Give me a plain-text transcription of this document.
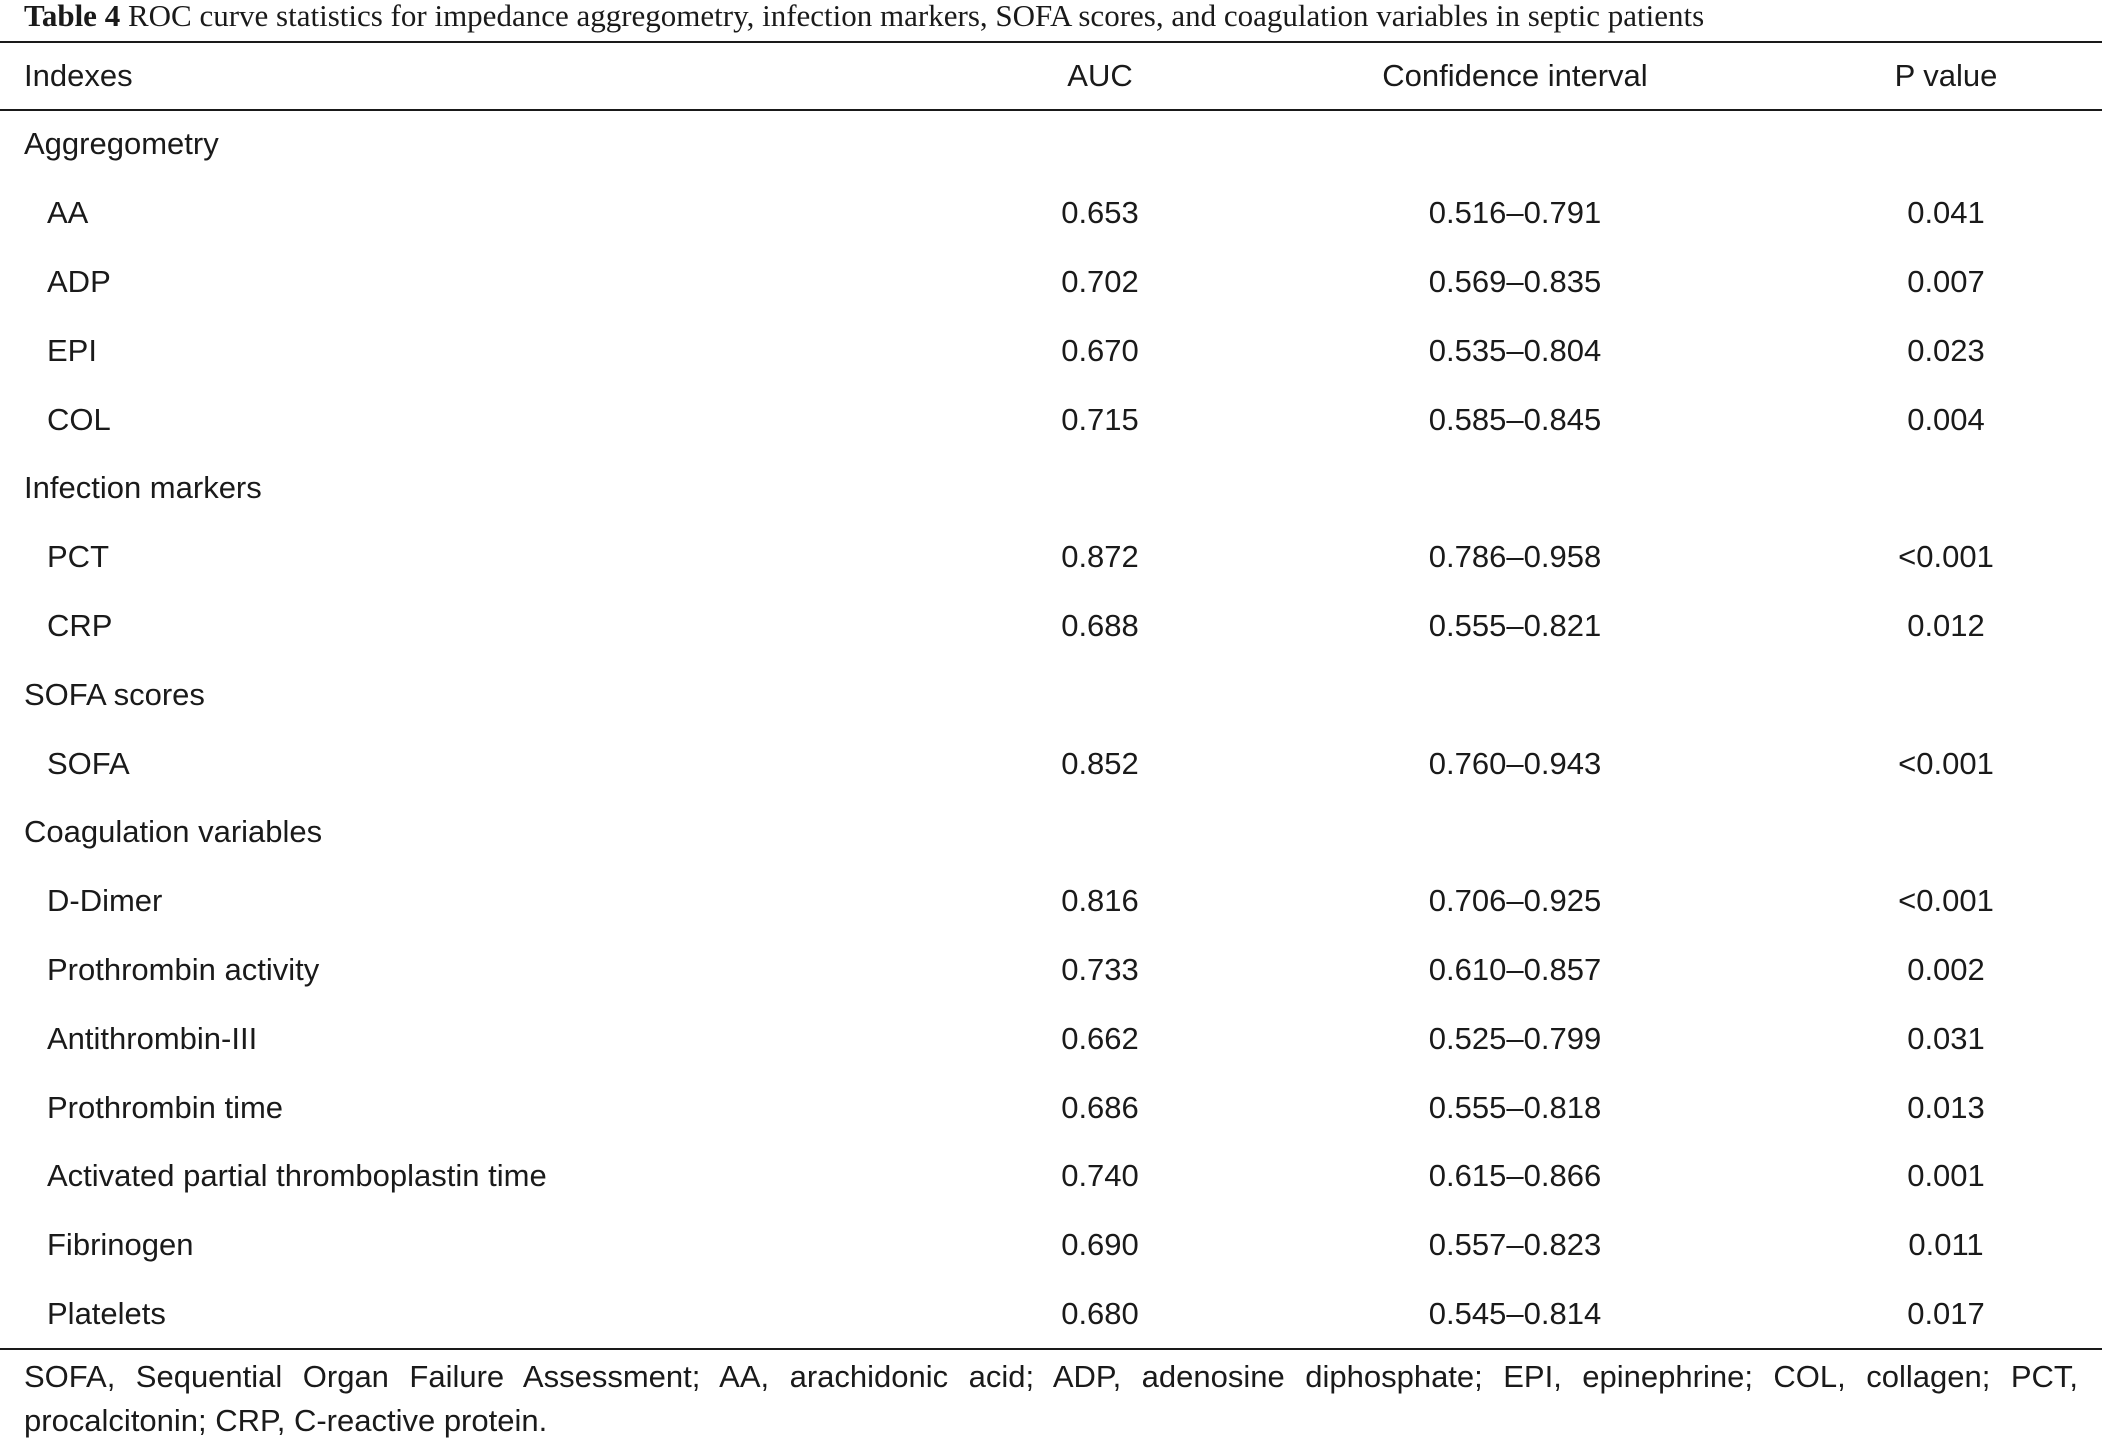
Table 4 ROC curve statistics for impedance aggregometry, infection markers, SOFA scores, and coagulation variables in septic patients
Indexes	AUC	Confidence interval	P value
Aggregometry
AA	0.653	0.516–0.791	0.041
ADP	0.702	0.569–0.835	0.007
EPI	0.670	0.535–0.804	0.023
COL	0.715	0.585–0.845	0.004
Infection markers
PCT	0.872	0.786–0.958	<0.001
CRP	0.688	0.555–0.821	0.012
SOFA scores
SOFA	0.852	0.760–0.943	<0.001
Coagulation variables
D-Dimer	0.816	0.706–0.925	<0.001
Prothrombin activity	0.733	0.610–0.857	0.002
Antithrombin-III	0.662	0.525–0.799	0.031
Prothrombin time	0.686	0.555–0.818	0.013
Activated partial thromboplastin time	0.740	0.615–0.866	0.001
Fibrinogen	0.690	0.557–0.823	0.011
Platelets	0.680	0.545–0.814	0.017
SOFA, Sequential Organ Failure Assessment; AA, arachidonic acid; ADP, adenosine diphosphate; EPI, epinephrine; COL, collagen; PCT, procalcitonin; CRP, C-reactive protein.
